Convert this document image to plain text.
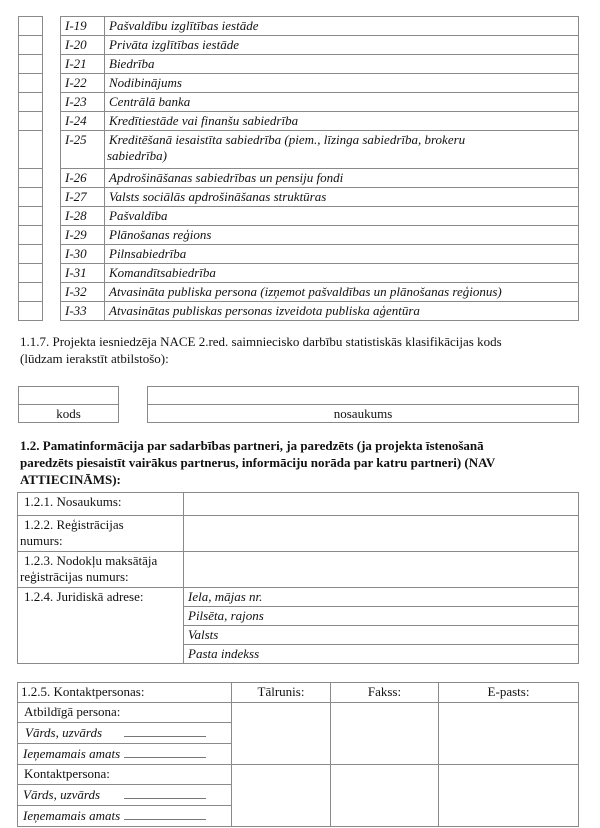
I-19	Pašvaldību izglītības iestāde
I-20	Privāta izglītības iestāde
I-21	Biedrība
I-22	Nodibinājums
I-23	Centrālā banka
I-24	Kredītiestāde vai finanšu sabiedrība
I-25	Kreditēšanā iesaistīta sabiedrība (piem., līzinga sabiedrība, brokeru
sabiedrība)
I-26	Apdrošināšanas sabiedrības un pensiju fondi
I-27	Valsts sociālās apdrošināšanas struktūras
I-28	Pašvaldība
I-29	Plānošanas reģions
I-30	Pilnsabiedrība
I-31	Komandītsabiedrība
I-32	Atvasināta publiska persona (izņemot pašvaldības un plānošanas reģionus)
I-33	Atvasinātas publiskas personas izveidota publiska aģentūra
1.1.7. Projekta iesniedzēja NACE 2.red. saimniecisko darbību statistiskās klasifikācijas kods
(lūdzam ierakstīt atbilstošo):
kods	nosaukums
1.2. Pamatinformācija par sadarbības partneri, ja paredzēts (ja projekta īstenošanā
paredzēts piesaistīt vairākus partnerus, informāciju norāda par katru partneri) (NAV
ATTIECINĀMS):
1.2.1. Nosaukums:
1.2.2. Reģistrācijas
numurs:
1.2.3. Nodokļu maksātāja
reģistrācijas numurs:
1.2.4. Juridiskā adrese:	Iela, mājas nr.
Pilsēta, rajons
Valsts
Pasta indekss
1.2.5. Kontaktpersonas:	Tālrunis:	Fakss:	E-pasts:
Atbildīgā persona:
Vārds, uzvārds
Ieņemamais amats
Kontaktpersona:
Vārds, uzvārds
Ieņemamais amats
